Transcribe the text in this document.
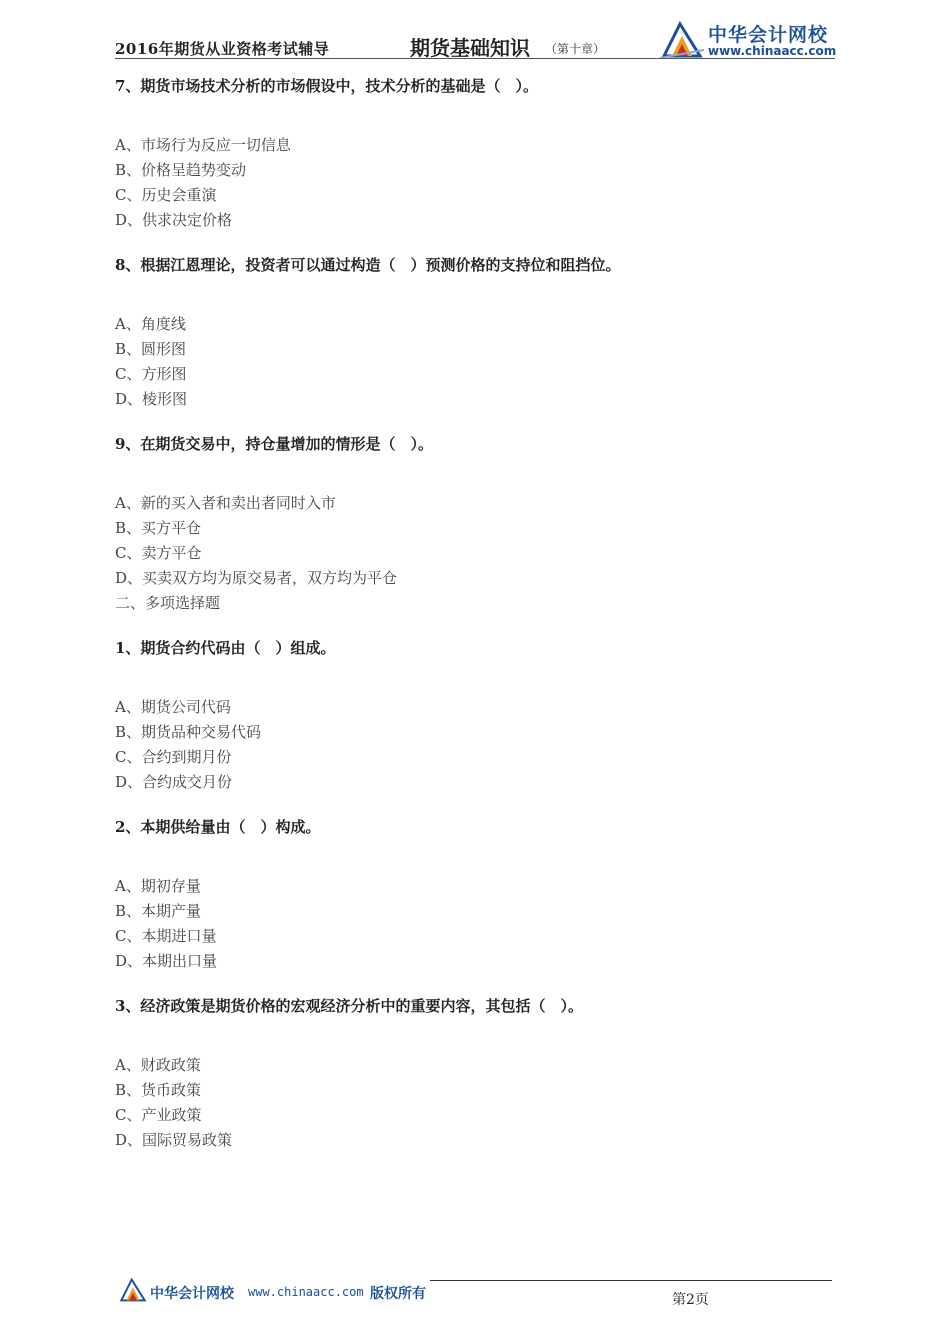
2016年期货从业资格考试辅导	期货基础知识 （第十章）
中华会计网校
www.chinaacc.com
7、期货市场技术分析的市场假设中，技术分析的基础是（　）。
A、市场行为反应一切信息
B、价格呈趋势变动
C、历史会重演
D、供求决定价格
8、根据江恩理论，投资者可以通过构造（　）预测价格的支持位和阻挡位。
A、角度线
B、圆形图
C、方形图
D、棱形图
9、在期货交易中，持仓量增加的情形是（　）。
A、新的买入者和卖出者同时入市
B、买方平仓
C、卖方平仓
D、买卖双方均为原交易者，双方均为平仓
二、多项选择题
1、期货合约代码由（　）组成。
A、期货公司代码
B、期货品种交易代码
C、合约到期月份
D、合约成交月份
2、本期供给量由（　）构成。
A、期初存量
B、本期产量
C、本期进口量
D、本期出口量
3、经济政策是期货价格的宏观经济分析中的重要内容，其包括（　）。
A、财政政策
B、货币政策
C、产业政策
D、国际贸易政策
中华会计网校 www.chinaacc.com 版权所有	第2页
